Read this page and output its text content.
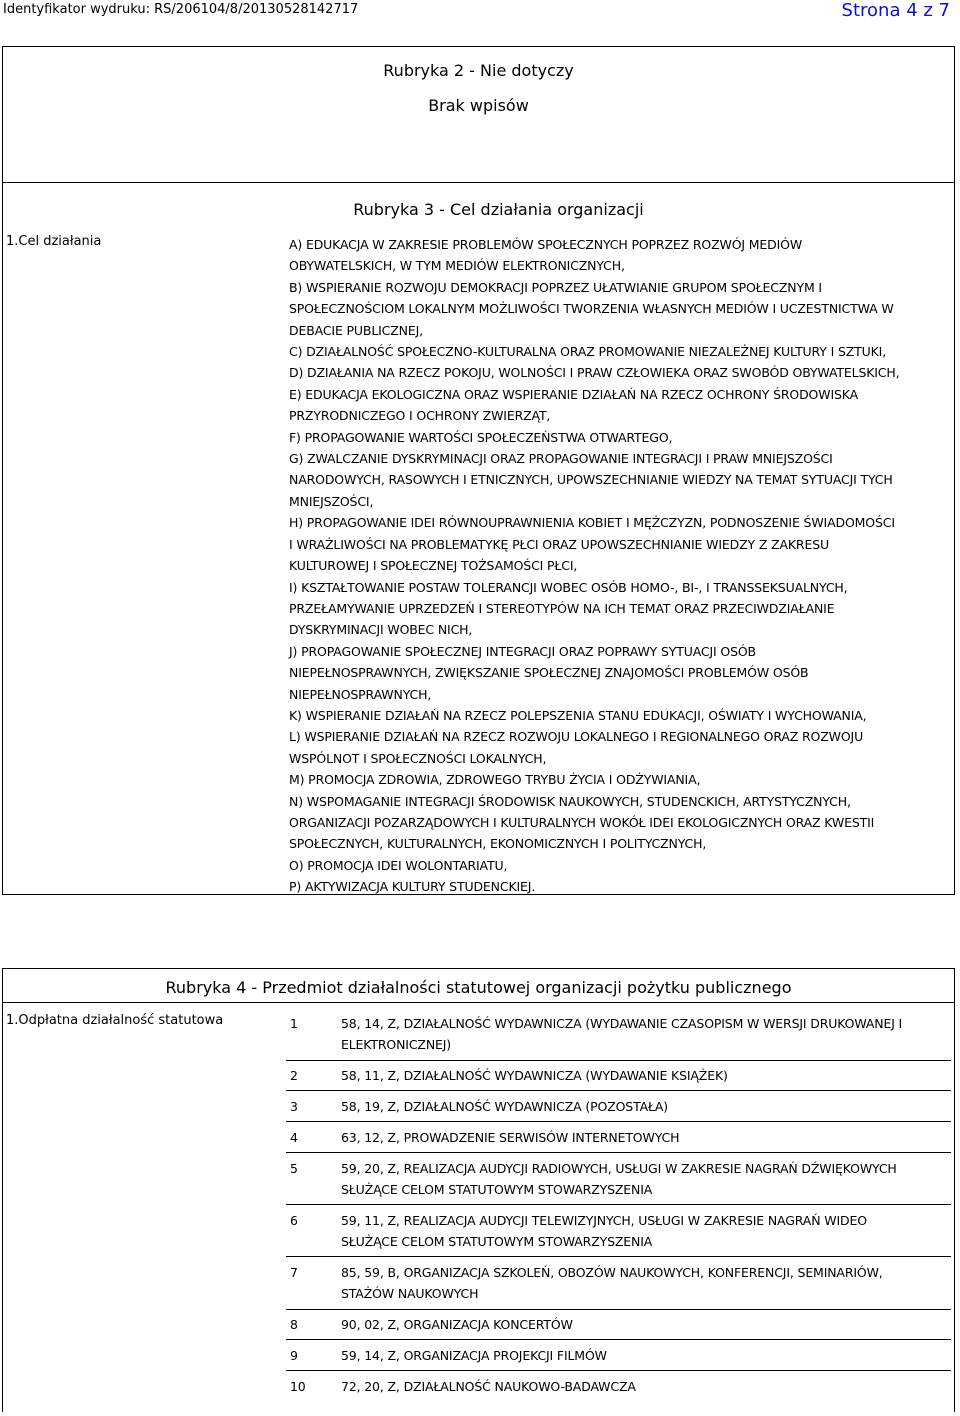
Identyfikator wydruku: RS/206104/8/20130528142717	Strona 4 z 7
Rubryka 2 - Nie dotyczy
Brak wpisów
Rubryka 3 - Cel działania organizacji
1.Cel działania	A) EDUKACJA W ZAKRESIE PROBLEMÓW SPOŁECZNYCH POPRZEZ ROZWÓJ MEDIÓW
OBYWATELSKICH, W TYM MEDIÓW ELEKTRONICZNYCH,
B) WSPIERANIE ROZWOJU DEMOKRACJI POPRZEZ UŁATWIANIE GRUPOM SPOŁECZNYM I
SPOŁECZNOŚCIOM LOKALNYM MOŻLIWOŚCI TWORZENIA WŁASNYCH MEDIÓW I UCZESTNICTWA W
DEBACIE PUBLICZNEJ,
C) DZIAŁALNOŚĆ SPOŁECZNO-KULTURALNA ORAZ PROMOWANIE NIEZALEŻNEJ KULTURY I SZTUKI,
D) DZIAŁANIA NA RZECZ POKOJU, WOLNOŚCI I PRAW CZŁOWIEKA ORAZ SWOBÓD OBYWATELSKICH,
E) EDUKACJA EKOLOGICZNA ORAZ WSPIERANIE DZIAŁAŃ NA RZECZ OCHRONY ŚRODOWISKA
PRZYRODNICZEGO I OCHRONY ZWIERZĄT,
F) PROPAGOWANIE WARTOŚCI SPOŁECZEŃSTWA OTWARTEGO,
G) ZWALCZANIE DYSKRYMINACJI ORAZ PROPAGOWANIE INTEGRACJI I PRAW MNIEJSZOŚCI
NARODOWYCH, RASOWYCH I ETNICZNYCH, UPOWSZECHNIANIE WIEDZY NA TEMAT SYTUACJI TYCH
MNIEJSZOŚCI,
H) PROPAGOWANIE IDEI RÓWNOUPRAWNIENIA KOBIET I MĘŻCZYZN, PODNOSZENIE ŚWIADOMOŚCI
I WRAŻLIWOŚCI NA PROBLEMATYKĘ PŁCI ORAZ UPOWSZECHNIANIE WIEDZY Z ZAKRESU
KULTUROWEJ I SPOŁECZNEJ TOŻSAMOŚCI PŁCI,
I) KSZTAŁTOWANIE POSTAW TOLERANCJI WOBEC OSÓB HOMO-, BI-, I TRANSSEKSUALNYCH,
PRZEŁAMYWANIE UPRZEDZEŃ I STEREOTYPÓW NA ICH TEMAT ORAZ PRZECIWDZIAŁANIE
DYSKRYMINACJI WOBEC NICH,
J) PROPAGOWANIE SPOŁECZNEJ INTEGRACJI ORAZ POPRAWY SYTUACJI OSÓB
NIEPEŁNOSPRAWNYCH, ZWIĘKSZANIE SPOŁECZNEJ ZNAJOMOŚCI PROBLEMÓW OSÓB
NIEPEŁNOSPRAWNYCH,
K) WSPIERANIE DZIAŁAŃ NA RZECZ POLEPSZENIA STANU EDUKACJI, OŚWIATY I WYCHOWANIA,
L) WSPIERANIE DZIAŁAŃ NA RZECZ ROZWOJU LOKALNEGO I REGIONALNEGO ORAZ ROZWOJU
WSPÓLNOT I SPOŁECZNOŚCI LOKALNYCH,
M) PROMOCJA ZDROWIA, ZDROWEGO TRYBU ŻYCIA I ODŻYWIANIA,
N) WSPOMAGANIE INTEGRACJI ŚRODOWISK NAUKOWYCH, STUDENCKICH, ARTYSTYCZNYCH,
ORGANIZACJI POZARZĄDOWYCH I KULTURALNYCH WOKÓŁ IDEI EKOLOGICZNYCH ORAZ KWESTII
SPOŁECZNYCH, KULTURALNYCH, EKONOMICZNYCH I POLITYCZNYCH,
O) PROMOCJA IDEI WOLONTARIATU,
P) AKTYWIZACJA KULTURY STUDENCKIEJ.
Rubryka 4 - Przedmiot działalności statutowej organizacji pożytku publicznego
1.Odpłatna działalność statutowa	1	58, 14, Z, DZIAŁALNOŚĆ WYDAWNICZA (WYDAWANIE CZASOPISM W WERSJI DRUKOWANEJ I
ELEKTRONICZNEJ)
2	58, 11, Z, DZIAŁALNOŚĆ WYDAWNICZA (WYDAWANIE KSIĄŻEK)
3	58, 19, Z, DZIAŁALNOŚĆ WYDAWNICZA (POZOSTAŁA)
4	63, 12, Z, PROWADZENIE SERWISÓW INTERNETOWYCH
5	59, 20, Z, REALIZACJA AUDYCJI RADIOWYCH, USŁUGI W ZAKRESIE NAGRAŃ DŹWIĘKOWYCH
SŁUŻĄCE CELOM STATUTOWYM STOWARZYSZENIA
6	59, 11, Z, REALIZACJA AUDYCJI TELEWIZYJNYCH, USŁUGI W ZAKRESIE NAGRAŃ WIDEO
SŁUŻĄCE CELOM STATUTOWYM STOWARZYSZENIA
7	85, 59, B, ORGANIZACJA SZKOLEŃ, OBOZÓW NAUKOWYCH, KONFERENCJI, SEMINARIÓW,
STAŻÓW NAUKOWYCH
8	90, 02, Z, ORGANIZACJA KONCERTÓW
9	59, 14, Z, ORGANIZACJA PROJEKCJI FILMÓW
10	72, 20, Z, DZIAŁALNOŚĆ NAUKOWO-BADAWCZA
